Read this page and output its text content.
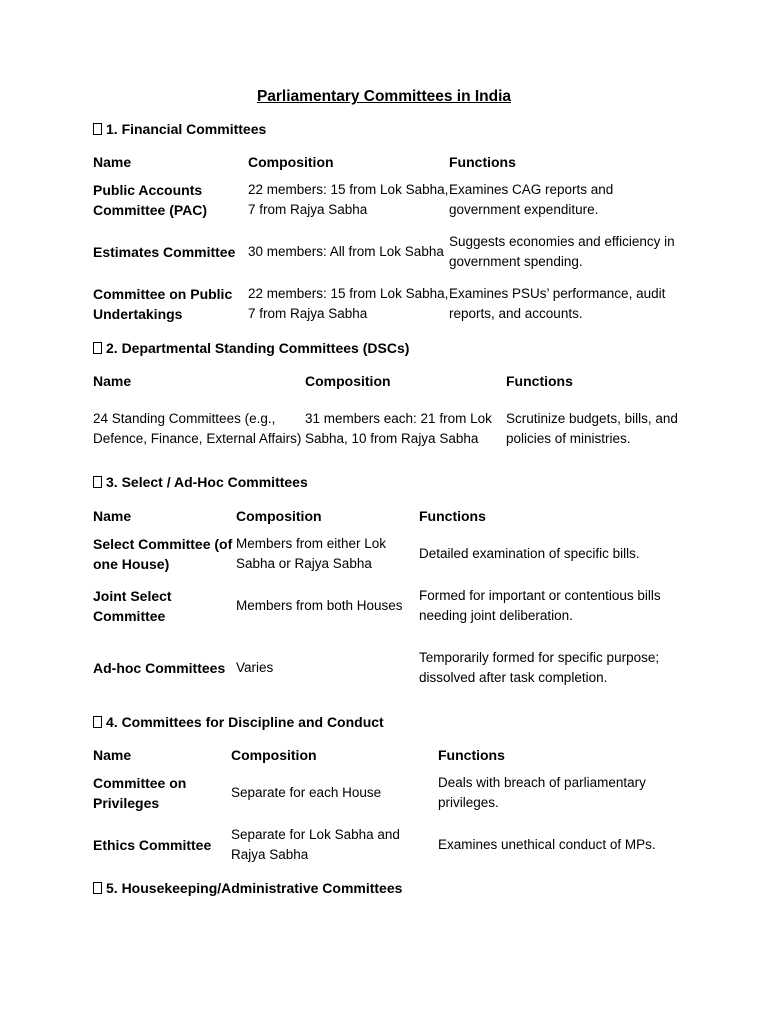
Parliamentary Committees in India
1. Financial Committees
Name	Composition	Functions
Public Accounts Committee (PAC)	22 members: 15 from Lok Sabha, 7 from Rajya Sabha	Examines CAG reports and government expenditure.
Estimates Committee	30 members: All from Lok Sabha	Suggests economies and efficiency in government spending.
Committee on Public Undertakings	22 members: 15 from Lok Sabha, 7 from Rajya Sabha	Examines PSUs’ performance, audit reports, and accounts.
2. Departmental Standing Committees (DSCs)
Name	Composition	Functions
24 Standing Committees (e.g., Defence, Finance, External Affairs)	31 members each: 21 from Lok Sabha, 10 from Rajya Sabha	Scrutinize budgets, bills, and policies of ministries.
3. Select / Ad-Hoc Committees
Name	Composition	Functions
Select Committee (of one House)	Members from either Lok Sabha or Rajya Sabha	Detailed examination of specific bills.
Joint Select Committee	Members from both Houses	Formed for important or contentious bills needing joint deliberation.
Ad-hoc Committees	Varies	Temporarily formed for specific purpose; dissolved after task completion.
4. Committees for Discipline and Conduct
Name	Composition	Functions
Committee on Privileges	Separate for each House	Deals with breach of parliamentary privileges.
Ethics Committee	Separate for Lok Sabha and Rajya Sabha	Examines unethical conduct of MPs.
5. Housekeeping/Administrative Committees
